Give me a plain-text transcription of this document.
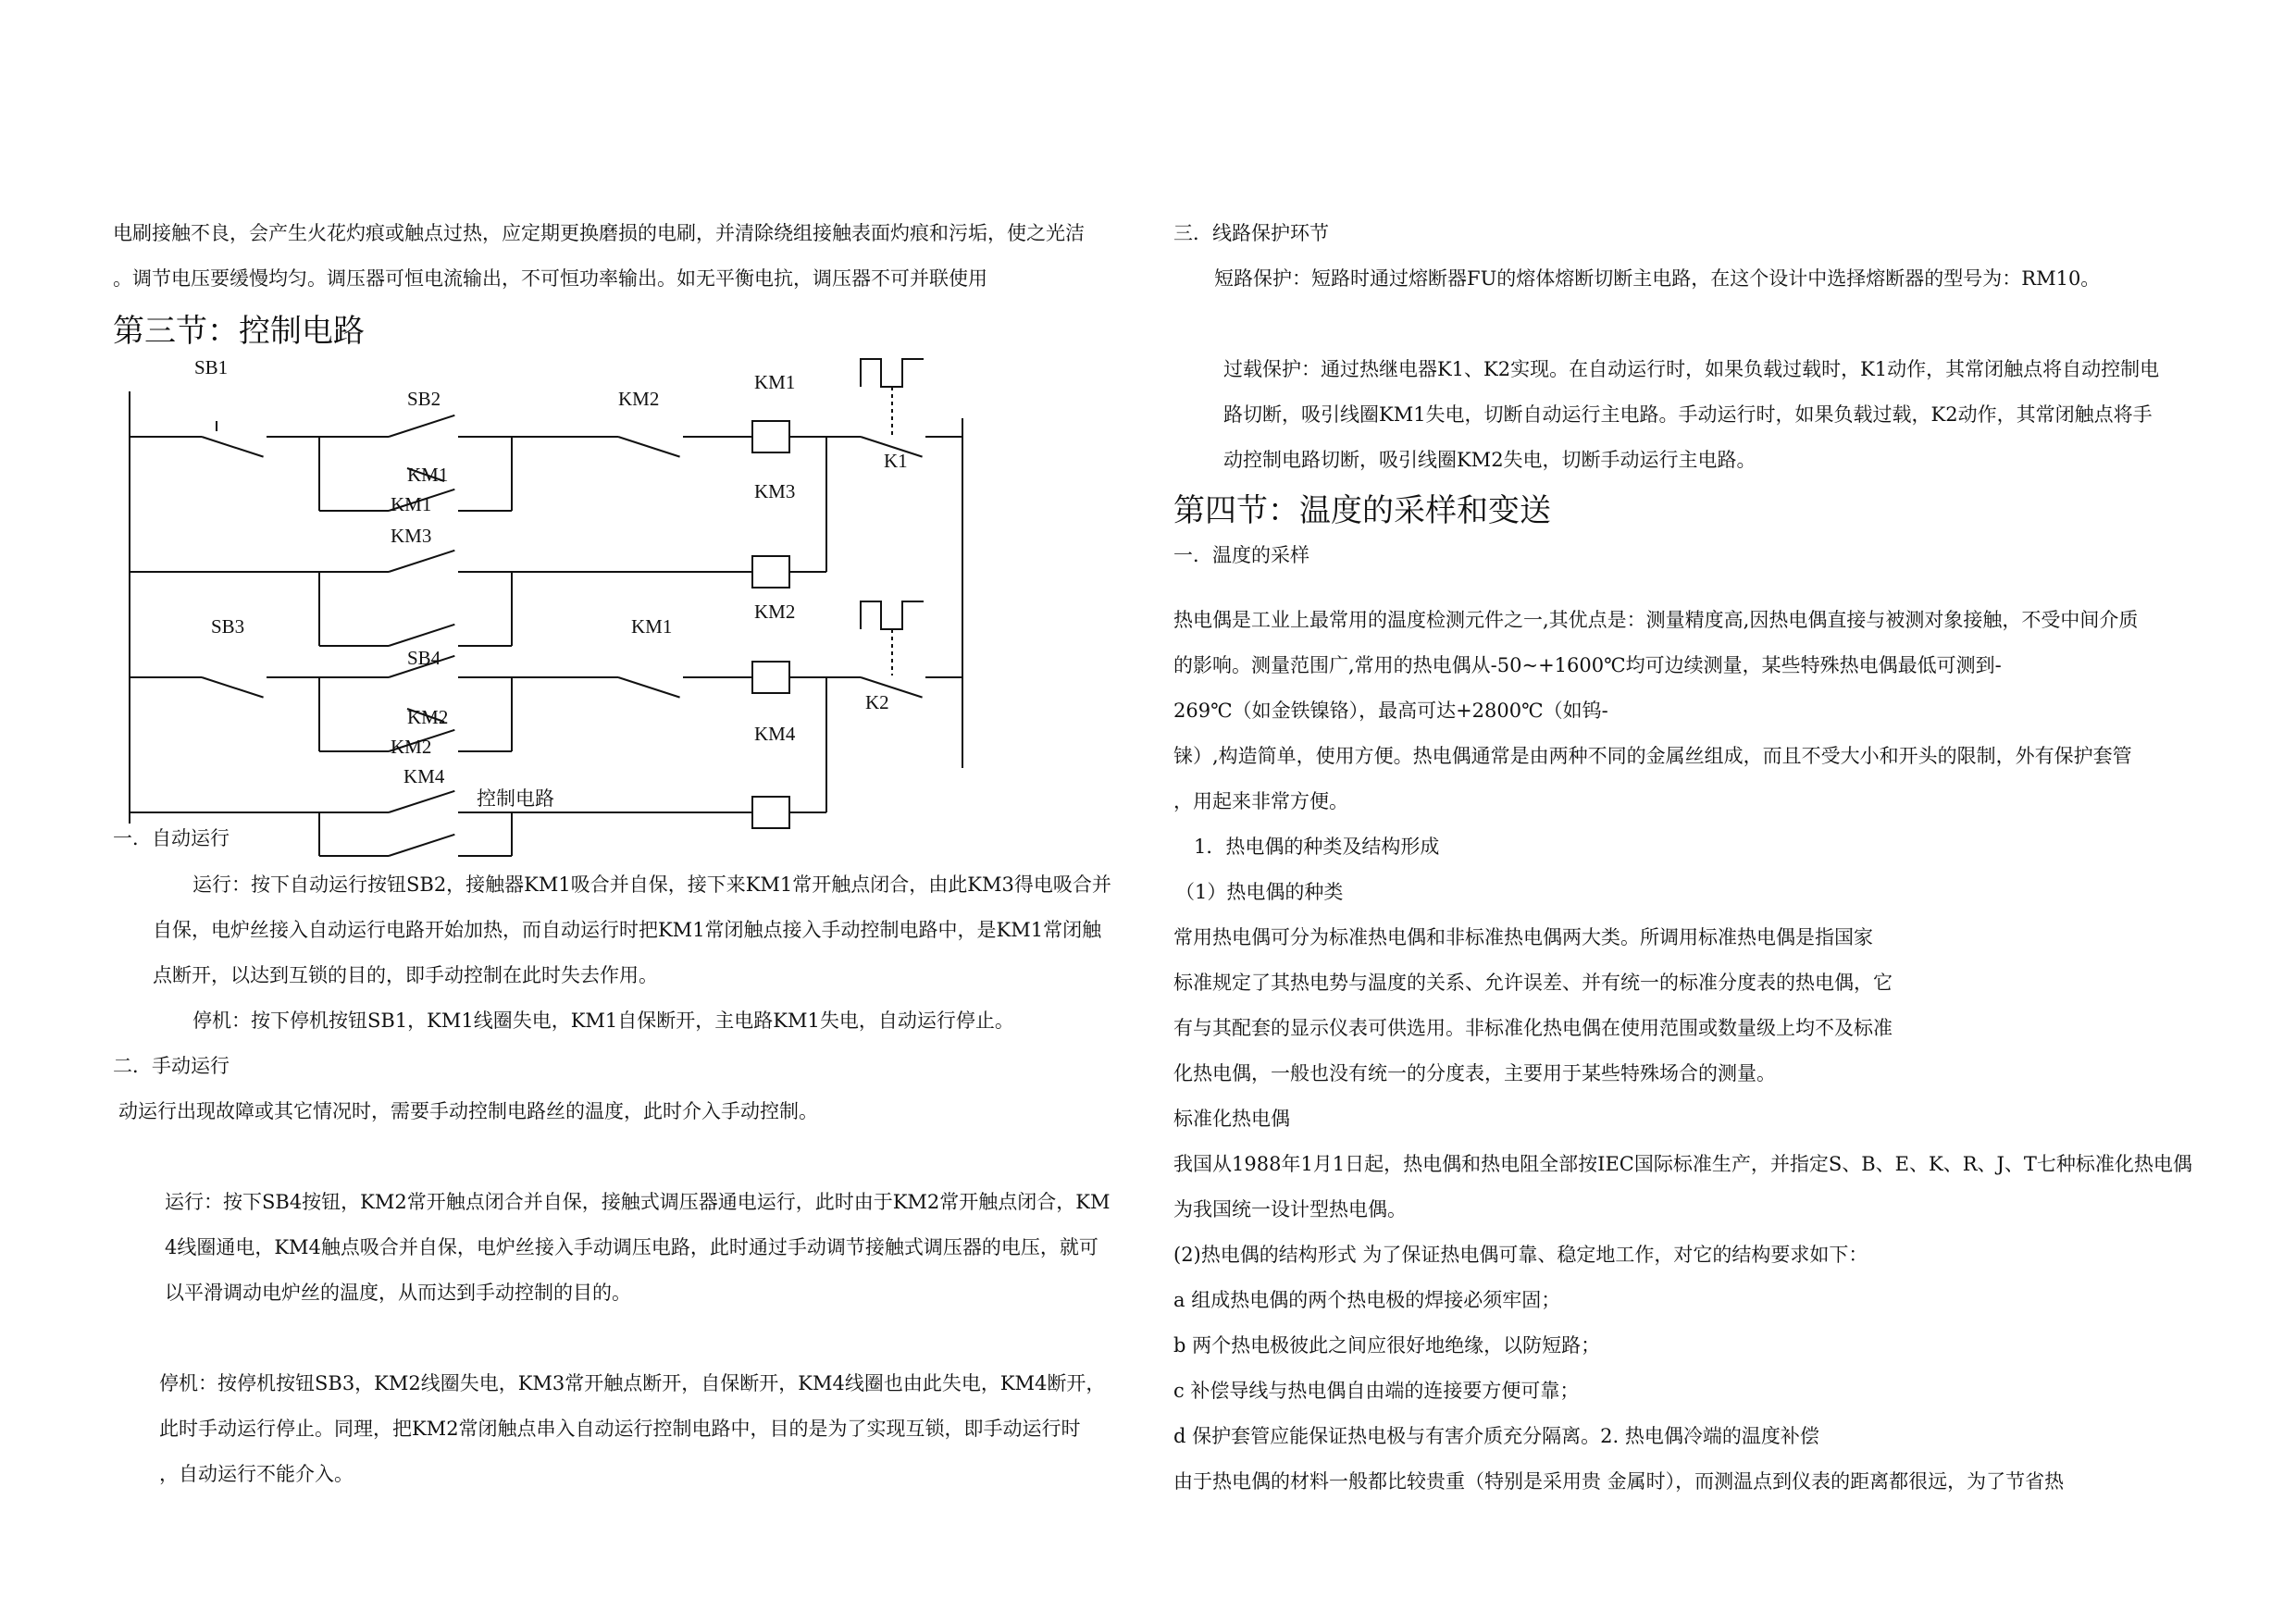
电刷接触不良，会产生火花灼痕或触点过热，应定期更换磨损的电刷，并清除绕组接触表面灼痕和污垢，使之光洁
。调节电压要缓慢均匀。调压器可恒电流输出，不可恒功率输出。如无平衡电抗，调压器不可并联使用
第三节：控制电路
SB1
SB2	KM2
KM1
K1
KM1
KM1
KM3
KM3
KM2
SB3
SB4
KM1
K2
KM2
KM2
KM4
KM4
控制电路
一．自动运行
运行：按下自动运行按钮SB2，接触器KM1吸合并自保，接下来KM1常开触点闭合，由此KM3得电吸合并
自保，电炉丝接入自动运行电路开始加热，而自动运行时把KM1常闭触点接入手动控制电路中，是KM1常闭触
点断开，以达到互锁的目的，即手动控制在此时失去作用。
停机：按下停机按钮SB1，KM1线圈失电，KM1自保断开，主电路KM1失电，自动运行停止。
二．手动运行
动运行出现故障或其它情况时，需要手动控制电路丝的温度，此时介入手动控制。
运行：按下SB4按钮，KM2常开触点闭合并自保，接触式调压器通电运行，此时由于KM2常开触点闭合，KM
4线圈通电，KM4触点吸合并自保，电炉丝接入手动调压电路，此时通过手动调节接触式调压器的电压，就可
以平滑调动电炉丝的温度，从而达到手动控制的目的。
停机：按停机按钮SB3，KM2线圈失电，KM3常开触点断开，自保断开，KM4线圈也由此失电，KM4断开，
此时手动运行停止。同理，把KM2常闭触点串入自动运行控制电路中，目的是为了实现互锁，即手动运行时
，自动运行不能介入。
三．线路保护环节
短路保护：短路时通过熔断器FU的熔体熔断切断主电路，在这个设计中选择熔断器的型号为：RM10。
过载保护：通过热继电器K1、K2实现。在自动运行时，如果负载过载时，K1动作，其常闭触点将自动控制电
路切断，吸引线圈KM1失电，切断自动运行主电路。手动运行时，如果负载过载，K2动作，其常闭触点将手
动控制电路切断，吸引线圈KM2失电，切断手动运行主电路。
第四节：温度的采样和变送
一．温度的采样
热电偶是工业上最常用的温度检测元件之一,其优点是：测量精度高,因热电偶直接与被测对象接触，不受中间介质
的影响。测量范围广,常用的热电偶从-50~+1600℃均可边续测量，某些特殊热电偶最低可测到-
269℃（如金铁镍铬），最高可达+2800℃（如钨-
铼）,构造简单，使用方便。热电偶通常是由两种不同的金属丝组成，而且不受大小和开头的限制，外有保护套管
，用起来非常方便。
1．热电偶的种类及结构形成
（1）热电偶的种类
常用热电偶可分为标准热电偶和非标准热电偶两大类。所调用标准热电偶是指国家
标准规定了其热电势与温度的关系、允许误差、并有统一的标准分度表的热电偶，它
有与其配套的显示仪表可供选用。非标准化热电偶在使用范围或数量级上均不及标准
化热电偶，一般也没有统一的分度表，主要用于某些特殊场合的测量。
标准化热电偶
我国从1988年1月1日起，热电偶和热电阻全部按IEC国际标准生产，并指定S、B、E、K、R、J、T七种标准化热电偶
为我国统一设计型热电偶。
(2)热电偶的结构形式 为了保证热电偶可靠、稳定地工作，对它的结构要求如下：
a 组成热电偶的两个热电极的焊接必须牢固；
b 两个热电极彼此之间应很好地绝缘，以防短路；
c 补偿导线与热电偶自由端的连接要方便可靠；
d 保护套管应能保证热电极与有害介质充分隔离。2. 热电偶冷端的温度补偿
由于热电偶的材料一般都比较贵重（特别是采用贵 金属时），而测温点到仪表的距离都很远，为了节省热
